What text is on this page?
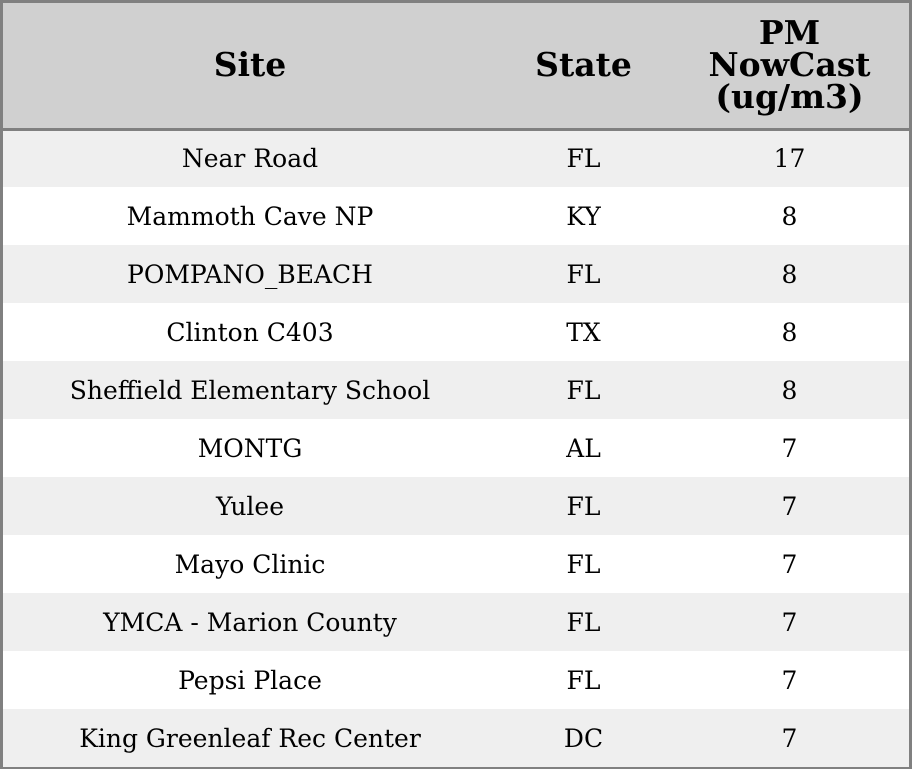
Site	State	PM
NowCast
(ug/m3)

Near Road	FL	17
Mammoth Cave NP	KY	8
POMPANO_BEACH	FL	8
Clinton C403	TX	8
Sheffield Elementary School	FL	8
MONTG	AL	7
Yulee	FL	7
Mayo Clinic	FL	7
YMCA - Marion County	FL	7
Pepsi Place	FL	7
King Greenleaf Rec Center	DC	7
